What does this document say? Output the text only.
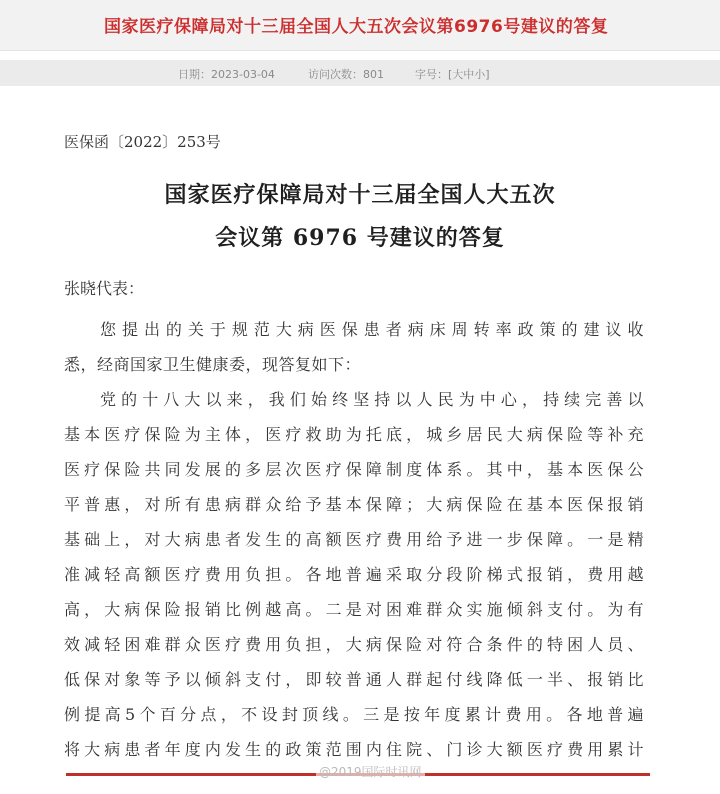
国家医疗保障局对十三届全国人大五次会议第6976号建议的答复
日期：2023-03-04	访问次数：801	字号：[大中小]
医保函〔2022〕253号
国家医疗保障局对十三届全国人大五次
会议第 6976 号建议的答复
张晓代表：
您提出的关于规范大病医保患者病床周转率政策的建议收
悉，经商国家卫生健康委，现答复如下：
党的十八大以来，我们始终坚持以人民为中心，持续完善以
基本医疗保险为主体，医疗救助为托底，城乡居民大病保险等补充
医疗保险共同发展的多层次医疗保障制度体系。其中，基本医保公
平普惠，对所有患病群众给予基本保障；大病保险在基本医保报销
基础上，对大病患者发生的高额医疗费用给予进一步保障。一是精
准减轻高额医疗费用负担。各地普遍采取分段阶梯式报销，费用越
高，大病保险报销比例越高。二是对困难群众实施倾斜支付。为有
效减轻困难群众医疗费用负担，大病保险对符合条件的特困人员、
低保对象等予以倾斜支付，即较普通人群起付线降低一半、报销比
例提高5个百分点，不设封顶线。三是按年度累计费用。各地普遍
将大病患者年度内发生的政策范围内住院、门诊大额医疗费用累计
@2019国际时讯网
